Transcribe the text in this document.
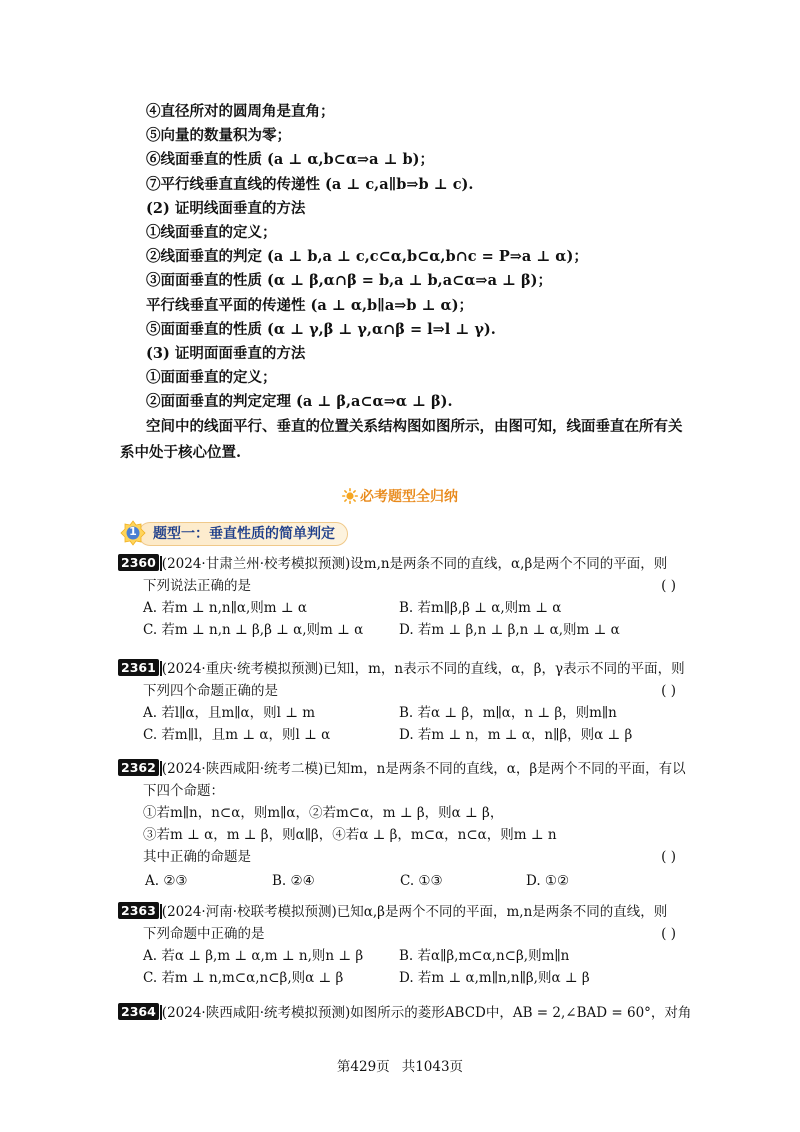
④直径所对的圆周角是直角；
⑤向量的数量积为零；
⑥线面垂直的性质 (a ⊥ α,b⊂α⇒a ⊥ b)；
⑦平行线垂直直线的传递性 (a ⊥ c,a∥b⇒b ⊥ c).
(2) 证明线面垂直的方法
①线面垂直的定义；
②线面垂直的判定 (a ⊥ b,a ⊥ c,c⊂α,b⊂α,b∩c = P⇒a ⊥ α)；
③面面垂直的性质 (α ⊥ β,α∩β = b,a ⊥ b,a⊂α⇒a ⊥ β)；
平行线垂直平面的传递性 (a ⊥ α,b∥a⇒b ⊥ α)；
⑤面面垂直的性质 (α ⊥ γ,β ⊥ γ,α∩β = l⇒l ⊥ γ).
(3) 证明面面垂直的方法
①面面垂直的定义；
②面面垂直的判定定理 (a ⊥ β,a⊂α⇒α ⊥ β).
空间中的线面平行、垂直的位置关系结构图如图所示，由图可知，线面垂直在所有关系中处于核心位置.
必考题型全归纳
题型一：垂直性质的简单判定
1
2360 (2024·甘肃兰州·校考模拟预测)设m,n是两条不同的直线，α,β是两个不同的平面，则
下列说法正确的是	( )
A. 若m ⊥ n,n∥α,则m ⊥ α	B. 若m∥β,β ⊥ α,则m ⊥ α
C. 若m ⊥ n,n ⊥ β,β ⊥ α,则m ⊥ α	D. 若m ⊥ β,n ⊥ β,n ⊥ α,则m ⊥ α
2361 (2024·重庆·统考模拟预测)已知l，m，n表示不同的直线，α，β，γ表示不同的平面，则
下列四个命题正确的是	( )
A. 若l∥α，且m∥α，则l ⊥ m	B. 若α ⊥ β，m∥α，n ⊥ β，则m∥n
C. 若m∥l，且m ⊥ α，则l ⊥ α	D. 若m ⊥ n，m ⊥ α，n∥β，则α ⊥ β
2362 (2024·陕西咸阳·统考二模)已知m，n是两条不同的直线，α，β是两个不同的平面，有以
下四个命题：
①若m∥n，n⊂α，则m∥α，②若m⊂α，m ⊥ β，则α ⊥ β，
③若m ⊥ α，m ⊥ β，则α∥β，④若α ⊥ β，m⊂α，n⊂α，则m ⊥ n
其中正确的命题是	( )
A. ②③	B. ②④	C. ①③	D. ①②
2363 (2024·河南·校联考模拟预测)已知α,β是两个不同的平面，m,n是两条不同的直线，则
下列命题中正确的是	( )
A. 若α ⊥ β,m ⊥ α,m ⊥ n,则n ⊥ β	B. 若α∥β,m⊂α,n⊂β,则m∥n
C. 若m ⊥ n,m⊂α,n⊂β,则α ⊥ β	D. 若m ⊥ α,m∥n,n∥β,则α ⊥ β
2364 (2024·陕西咸阳·统考模拟预测)如图所示的菱形ABCD中，AB = 2,∠BAD = 60°，对角
第429页 共1043页
